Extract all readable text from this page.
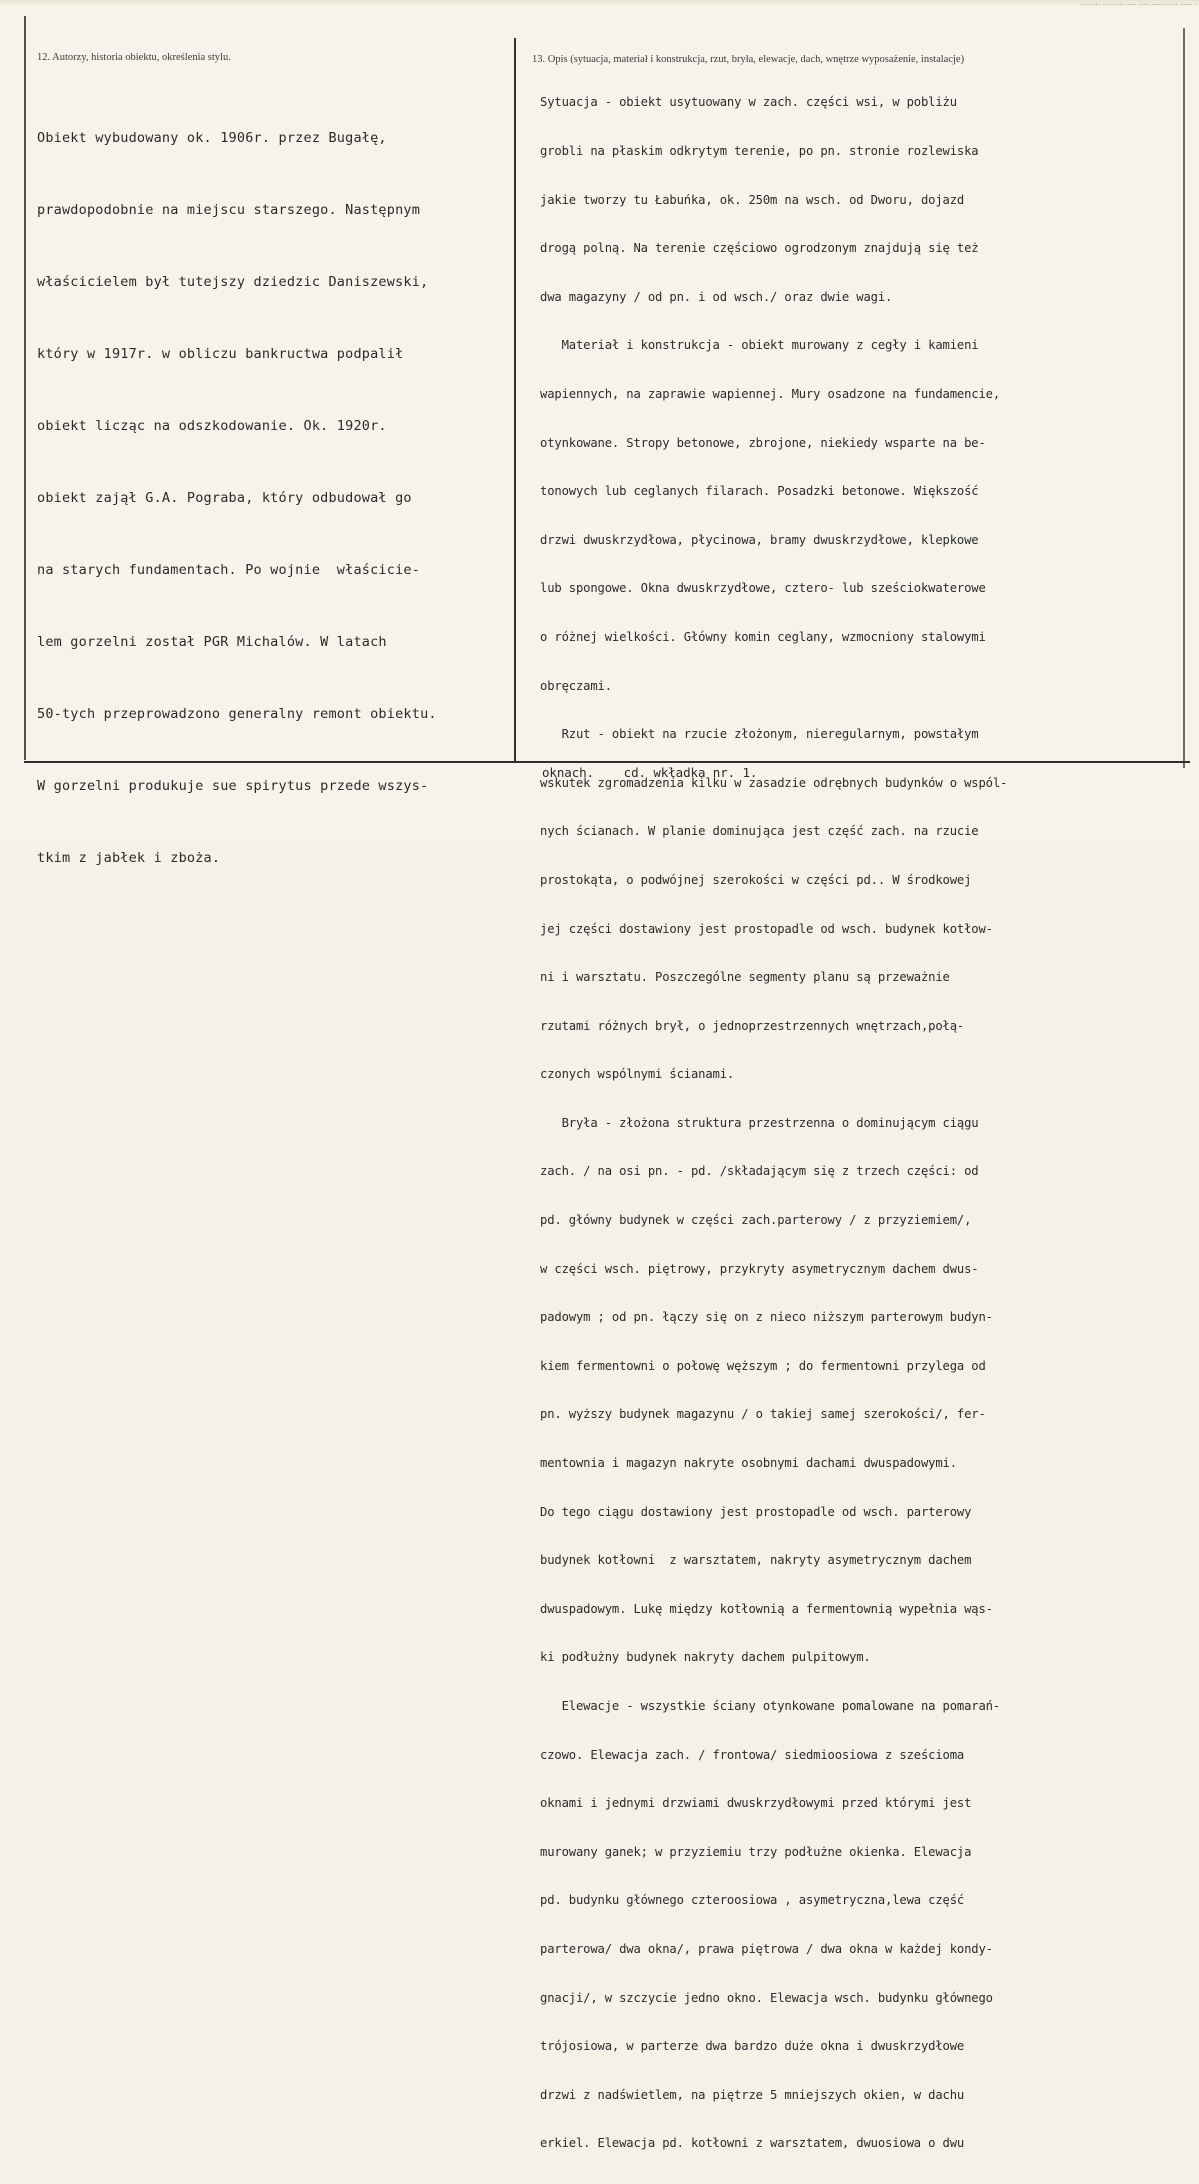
........ ......... .... .... ........... ..... .

12. Autorzy, historia obiektu, określenia stylu.	13. Opis (sytuacja, materiał i konstrukcja, rzut, bryła, elewacje, dach, wnętrze wyposażenie, instalacje)

Obiekt wybudowany ok. 1906r. przez Bugałę,

prawdopodobnie na miejscu starszego. Następnym

właścicielem był tutejszy dziedzic Daniszewski,

który w 1917r. w obliczu bankructwa podpalił

obiekt licząc na odszkodowanie. Ok. 1920r.

obiekt zajął G.A. Pograba, który odbudował go

na starych fundamentach. Po wojnie  właścicie-

lem gorzelni został PGR Michalów. W latach

50-tych przeprowadzono generalny remont obiektu.

W gorzelni produkuje sue spirytus przede wszys-

tkim z jabłek i zboża.

Sytuacja - obiekt usytuowany w zach. części wsi, w pobliżu

grobli na płaskim odkrytym terenie, po pn. stronie rozlewiska

jakie tworzy tu Łabuńka, ok. 250m na wsch. od Dworu, dojazd

drogą polną. Na terenie częściowo ogrodzonym znajdują się też

dwa magazyny / od pn. i od wsch./ oraz dwie wagi.

Materiał i konstrukcja - obiekt murowany z cegły i kamieni

wapiennych, na zaprawie wapiennej. Mury osadzone na fundamencie,

otynkowane. Stropy betonowe, zbrojone, niekiedy wsparte na be-

tonowych lub ceglanych filarach. Posadzki betonowe. Większość

drzwi dwuskrzydłowa, płycinowa, bramy dwuskrzydłowe, klepkowe

lub spongowe. Okna dwuskrzydłowe, cztero- lub sześciokwaterowe

o różnej wielkości. Główny komin ceglany, wzmocniony stalowymi

obręczami.

Rzut - obiekt na rzucie złożonym, nieregularnym, powstałym

wskutek zgromadzenia kilku w zasadzie odrębnych budynków o wspól-

nych ścianach. W planie dominująca jest część zach. na rzucie

prostokąta, o podwójnej szerokości w części pd.. W środkowej

jej części dostawiony jest prostopadle od wsch. budynek kotłow-

ni i warsztatu. Poszczególne segmenty planu są przeważnie

rzutami różnych brył, o jednoprzestrzennych wnętrzach,połą-

czonych wspólnymi ścianami.

Bryła - złożona struktura przestrzenna o dominującym ciągu

zach. / na osi pn. - pd. /składającym się z trzech części: od

pd. główny budynek w części zach.parterowy / z przyziemiem/,

w części wsch. piętrowy, przykryty asymetrycznym dachem dwus-

padowym ; od pn. łączy się on z nieco niższym parterowym budyn-

kiem fermentowni o połowę węższym ; do fermentowni przylega od

pn. wyższy budynek magazynu / o takiej samej szerokości/, fer-

mentownia i magazyn nakryte osobnymi dachami dwuspadowymi.

Do tego ciągu dostawiony jest prostopadle od wsch. parterowy

budynek kotłowni  z warsztatem, nakryty asymetrycznym dachem

dwuspadowym. Lukę między kotłownią a fermentownią wypełnia wąs-

ki podłużny budynek nakryty dachem pulpitowym.

Elewacje - wszystkie ściany otynkowane pomalowane na pomarań-

czowo. Elewacja zach. / frontowa/ siedmioosiowa z sześcioma

oknami i jednymi drzwiami dwuskrzydłowymi przed którymi jest

murowany ganek; w przyziemiu trzy podłużne okienka. Elewacja

pd. budynku głównego czteroosiowa , asymetryczna,lewa część

parterowa/ dwa okna/, prawa piętrowa / dwa okna w każdej kondy-

gnacji/, w szczycie jedno okno. Elewacja wsch. budynku głównego

trójosiowa, w parterze dwa bardzo duże okna i dwuskrzydłowe

drzwi z nadświetlem, na piętrze 5 mniejszych okien, w dachu

erkiel. Elewacja pd. kotłowni z warsztatem, dwuosiowa o dwu

oknach.    cd. wkładka nr. 1.
